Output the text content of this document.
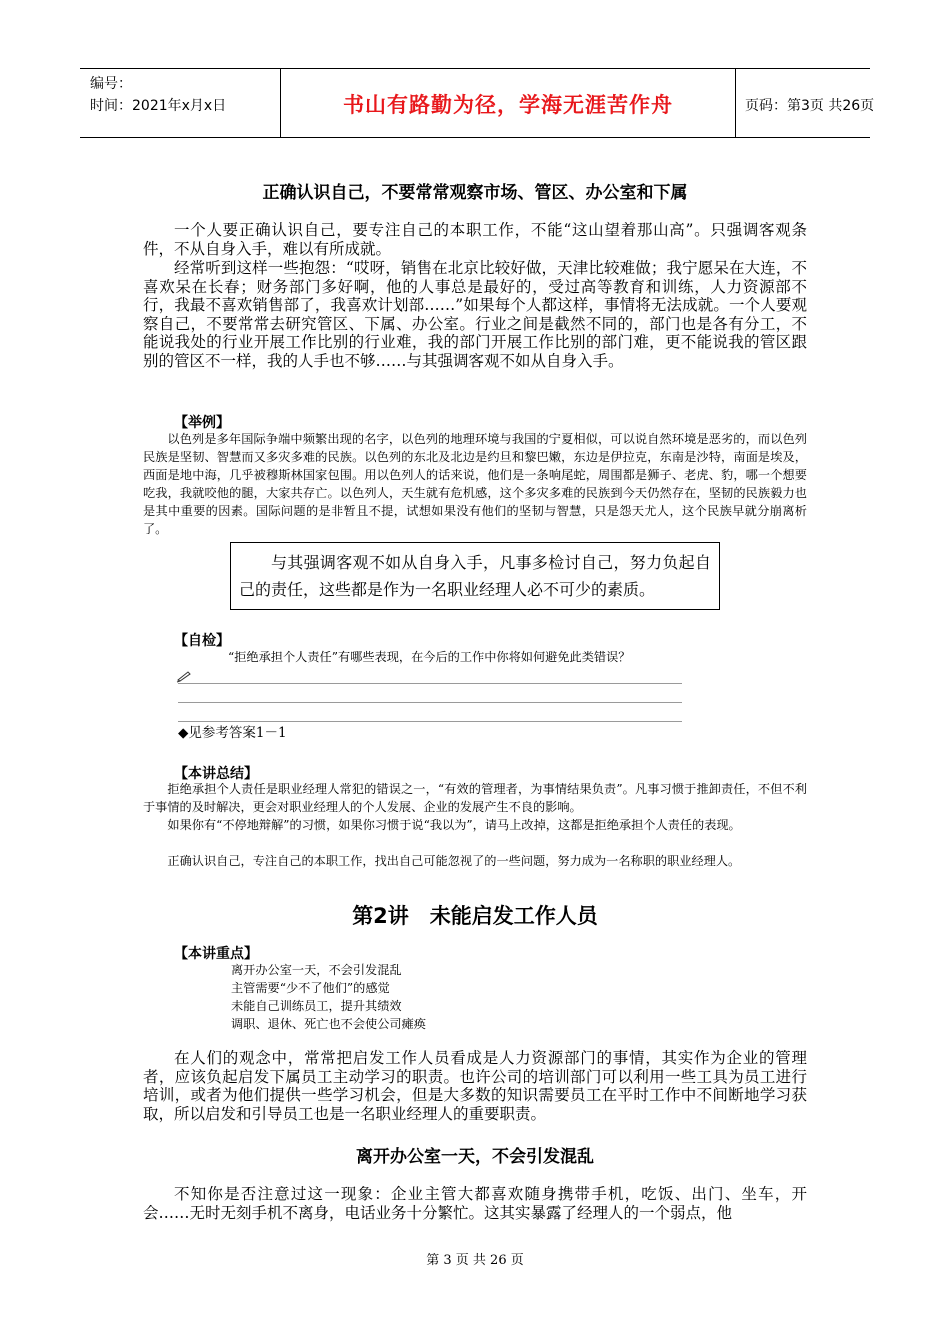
编号：
时间：2021年x月x日	书山有路勤为径，学海无涯苦作舟	页码：第3页 共26页
正确认识自己，不要常常观察市场、管区、办公室和下属
一个人要正确认识自己，要专注自己的本职工作，不能“这山望着那山高”。只强调客观条件，不从自身入手，难以有所成就。
经常听到这样一些抱怨：“哎呀，销售在北京比较好做，天津比较难做；我宁愿呆在大连，不喜欢呆在长春；财务部门多好啊，他的人事总是最好的，受过高等教育和训练，人力资源部不行，我最不喜欢销售部了，我喜欢计划部……”如果每个人都这样，事情将无法成就。一个人要观察自己，不要常常去研究管区、下属、办公室。行业之间是截然不同的，部门也是各有分工，不能说我处的行业开展工作比别的行业难，我的部门开展工作比别的部门难，更不能说我的管区跟别的管区不一样，我的人手也不够……与其强调客观不如从自身入手。
【举例】
以色列是多年国际争端中频繁出现的名字，以色列的地理环境与我国的宁夏相似，可以说自然环境是恶劣的，而以色列民族是坚韧、智慧而又多灾多难的民族。以色列的东北及北边是约旦和黎巴嫩，东边是伊拉克，东南是沙特，南面是埃及，西面是地中海，几乎被穆斯林国家包围。用以色列人的话来说，他们是一条响尾蛇，周围都是狮子、老虎、豹，哪一个想要吃我，我就咬他的腿，大家共存亡。以色列人，天生就有危机感，这个多灾多难的民族到今天仍然存在，坚韧的民族毅力也是其中重要的因素。国际问题的是非暂且不提，试想如果没有他们的坚韧与智慧，只是怨天尤人，这个民族早就分崩离析了。
与其强调客观不如从自身入手，凡事多检讨自己，努力负起自己的责任，这些都是作为一名职业经理人必不可少的素质。
【自检】
“拒绝承担个人责任”有哪些表现，在今后的工作中你将如何避免此类错误？
◆见参考答案1－1
【本讲总结】
拒绝承担个人责任是职业经理人常犯的错误之一，“有效的管理者，为事情结果负责”。凡事习惯于推卸责任，不但不利于事情的及时解决，更会对职业经理人的个人发展、企业的发展产生不良的影响。
如果你有“不停地辩解”的习惯，如果你习惯于说“我以为”，请马上改掉，这都是拒绝承担个人责任的表现。
正确认识自己，专注自己的本职工作，找出自己可能忽视了的一些问题，努力成为一名称职的职业经理人。
第2讲　未能启发工作人员
【本讲重点】
离开办公室一天，不会引发混乱
主管需要“少不了他们”的感觉
未能自己训练员工，提升其绩效
调职、退休、死亡也不会使公司瘫痪
在人们的观念中，常常把启发工作人员看成是人力资源部门的事情，其实作为企业的管理者，应该负起启发下属员工主动学习的职责。也许公司的培训部门可以利用一些工具为员工进行培训，或者为他们提供一些学习机会，但是大多数的知识需要员工在平时工作中不间断地学习获取，所以启发和引导员工也是一名职业经理人的重要职责。
离开办公室一天，不会引发混乱
不知你是否注意过这一现象：企业主管大都喜欢随身携带手机，吃饭、出门、坐车，开会……无时无刻手机不离身，电话业务十分繁忙。这其实暴露了经理人的一个弱点，他
第 3 页 共 26 页
